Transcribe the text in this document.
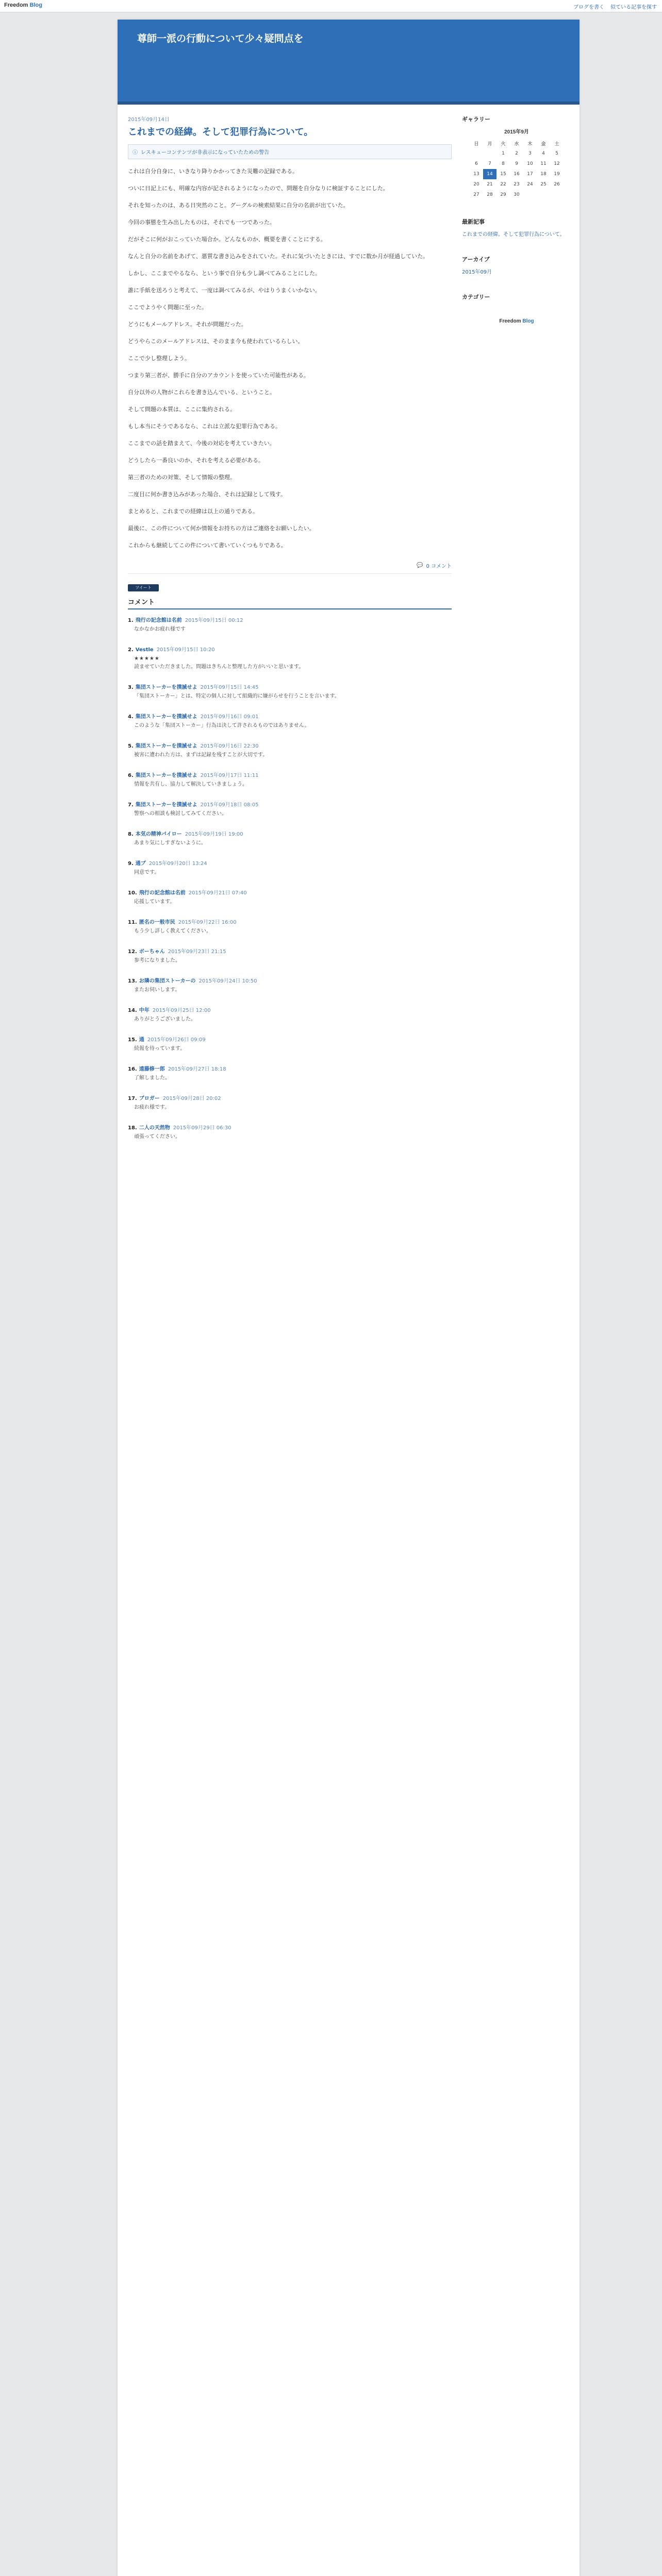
Freedom Blog	ブログを書く 似ている記事を探す
尊師一派の行動について少々疑問点を
2015年09月14日
これまでの経緯。そして犯罪行為について。
ⓘ レスキューコンテンツが非表示になっていたための警告

これは自分自身に、いきなり降りかかってきた災難の記録である。

ついに日記上にも、明確な内容が記されるようになったので、問題を自分なりに検証することにした。

それを知ったのは、ある日突然のこと。グーグルの検索結果に自分の名前が出ていた。

今回の事態を生み出したものは、それでも一つであった。

だがそこに何がおこっていた場合か。どんなものか、概要を書くことにする。

なんと自分の名前をあげて、悪質な書き込みをされていた。それに気づいたときには、すでに数か月が経過していた。

しかし、ここまでやるなら、という事で自分も少し調べてみることにした。

誰に手紙を送ろうと考えて、一度は調べてみるが、やはりうまくいかない。

ここでようやく問題に至った。

どうにもメールアドレス。それが問題だった。

どうやらこのメールアドレスは、そのまま今も使われているらしい。

ここで少し整理しよう。

つまり第三者が、勝手に自分のアカウントを使っていた可能性がある。

自分以外の人物がこれらを書き込んでいる、ということ。

そして問題の本質は、ここに集約される。

もし本当にそうであるなら、これは立派な犯罪行為である。

ここまでの話を踏まえて、今後の対応を考えていきたい。

どうしたら一番良いのか、それを考える必要がある。

第三者のための対策、そして情報の整理。

二度目に何か書き込みがあった場合、それは記録として残す。

まとめると、これまでの経緯は以上の通りである。

最後に、この件について何か情報をお持ちの方はご連絡をお願いしたい。

これからも継続してこの件について書いていくつもりである。

💬 0 コメント
ツイート
コメント
1. 飛行の記念館は名前 2015年09月15日 00:12
なかなかお疲れ様です
2. Vestle 2015年09月15日 10:20
★★★★★
読ませていただきました。問題はきちんと整理した方がいいと思います。
3. 集団ストーカーを撲滅せよ 2015年09月15日 14:45
「集団ストーカー」とは、特定の個人に対して組織的に嫌がらせを行うことを言います。
4. 集団ストーカーを撲滅せよ 2015年09月16日 09:01
このような「集団ストーカー」行為は決して許されるものではありません。
5. 集団ストーカーを撲滅せよ 2015年09月16日 22:30
被害に遭われた方は、まずは記録を残すことが大切です。
6. 集団ストーカーを撲滅せよ 2015年09月17日 11:11
情報を共有し、協力して解決していきましょう。
7. 集団ストーカーを撲滅せよ 2015年09月18日 08:05
警察への相談も検討してみてください。
8. 本気の精神パイロー 2015年09月19日 19:00
あまり気にしすぎないように。
9. 通ブ 2015年09月20日 13:24
同意です。
10. 飛行の記念館は名前 2015年09月21日 07:40
応援しています。
11. 匿名の一般市民 2015年09月22日 16:00
もう少し詳しく教えてください。
12. ボーちゃん 2015年09月23日 21:15
参考になりました。
13. お隣の集団ストーカーの 2015年09月24日 10:50
またお伺いします。
14. 中年 2015年09月25日 12:00
ありがとうございました。
15. 通 2015年09月26日 09:09
続報を待っています。
16. 遠藤修一郎 2015年09月27日 18:18
了解しました。
17. ブロガー 2015年09月28日 20:02
お疲れ様です。
18. 二人の天然物 2015年09月29日 06:30
頑張ってください。
ギャラリー
2015年9月
日	月	火	水	木	金	土
		1	2	3	4	5
6	7	8	9	10	11	12
13	14	15	16	17	18	19
20	21	22	23	24	25	26
27	28	29	30			
最新記事
これまでの経緯。そして犯罪行為について。
アーカイブ
2015年09月
カテゴリー
Freedom Blog
